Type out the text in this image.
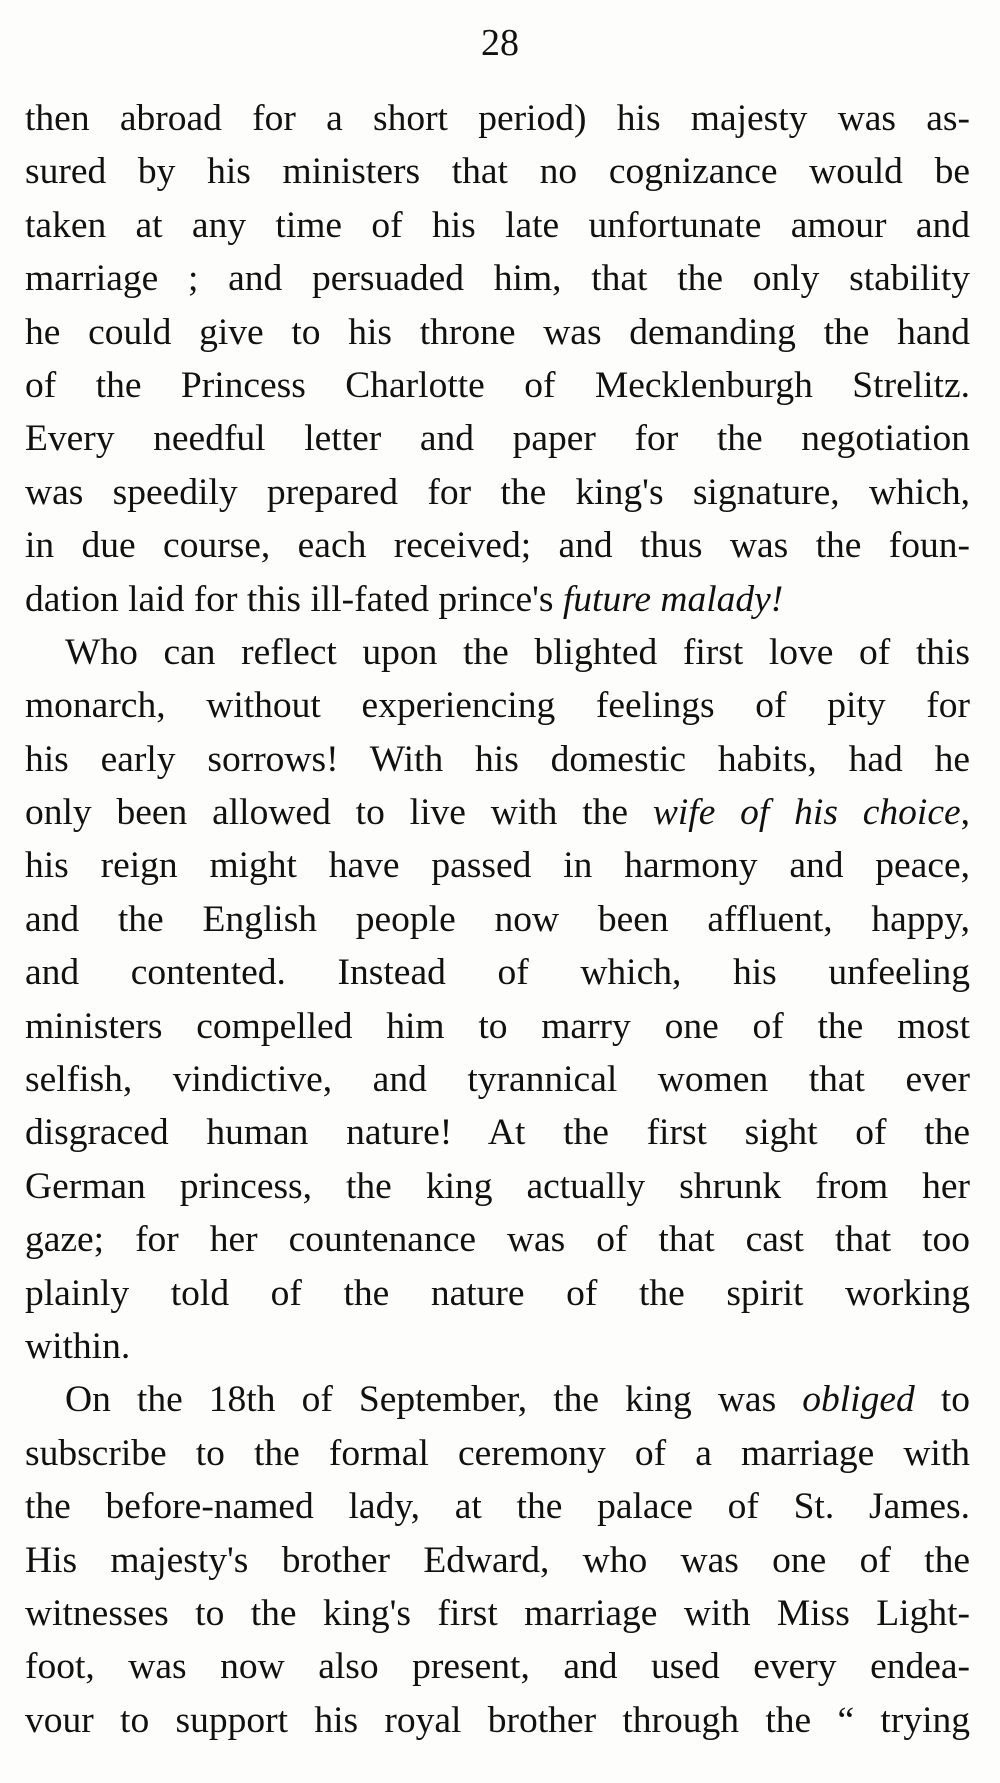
28
then abroad for a short period) his majesty was as-
sured by his ministers that no cognizance would be
taken at any time of his late unfortunate amour and
marriage ; and persuaded him, that the only stability
he could give to his throne was demanding the hand
of the Princess Charlotte of Mecklenburgh Strelitz.
Every needful letter and paper for the negotiation
was speedily prepared for the king's signature, which,
in due course, each received; and thus was the foun-
dation laid for this ill-fated prince's future malady!
Who can reflect upon the blighted first love of this
monarch, without experiencing feelings of pity for
his early sorrows! With his domestic habits, had he
only been allowed to live with the wife of his choice,
his reign might have passed in harmony and peace,
and the English people now been affluent, happy,
and contented. Instead of which, his unfeeling
ministers compelled him to marry one of the most
selfish, vindictive, and tyrannical women that ever
disgraced human nature! At the first sight of the
German princess, the king actually shrunk from her
gaze; for her countenance was of that cast that too
plainly told of the nature of the spirit working
within.
On the 18th of September, the king was obliged to
subscribe to the formal ceremony of a marriage with
the before-named lady, at the palace of St. James.
His majesty's brother Edward, who was one of the
witnesses to the king's first marriage with Miss Light-
foot, was now also present, and used every endea-
vour to support his royal brother through the “ trying
